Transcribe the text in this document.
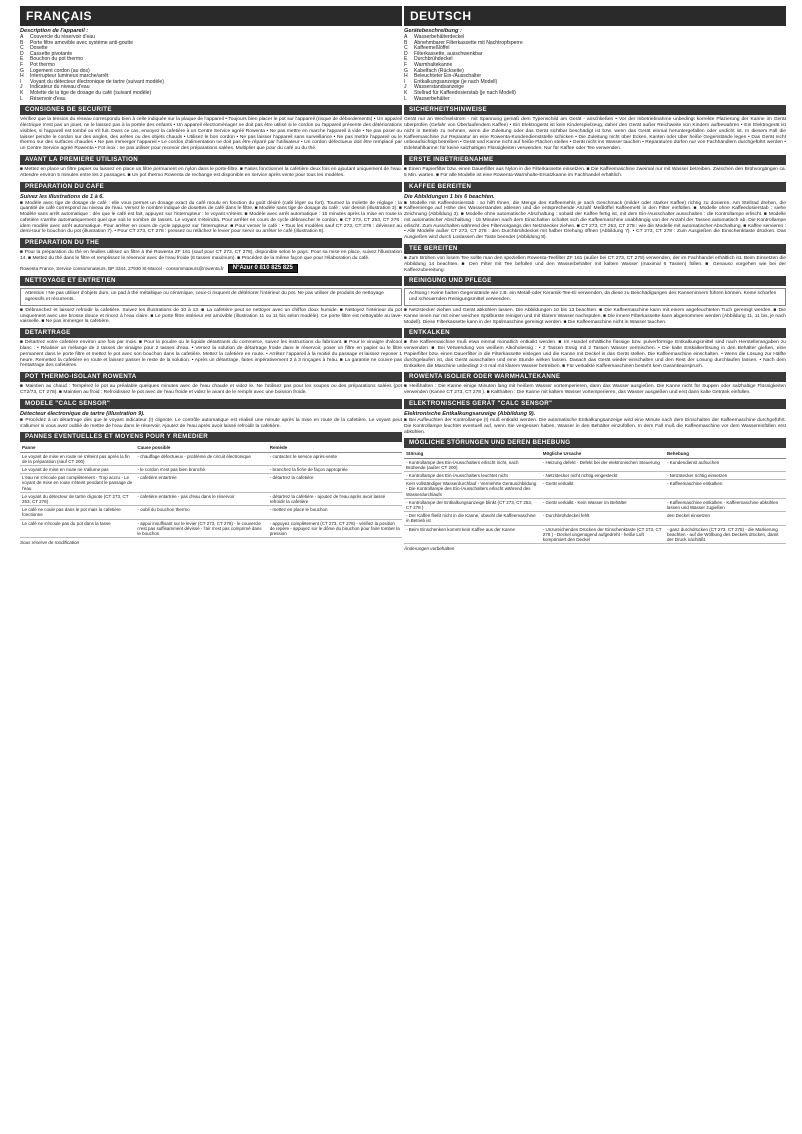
FRANÇAIS
Description de l'appareil :
A	Couvercle du réservoir d'eau
B	Porte filtre amovible avec système anti-goutte
C	Dosette
D	Cassette pivotante
E	Bouchon du pot thermo
F	Pot thermo
G	Logement cordon (au dos)
H	Interrupteur lumineux marche/arrêt
I	Voyant du détecteur électronique de tartre (suivant modèle)
J	Indicateur du niveau d'eau
K	Molette de la tige de dosage du café (suivant modèle)
L	Réservoir d'eau
CONSIGNES DE SECURITE

Vérifiez que la tension du réseau correspondu bien à celle indiquée sur la plaque de l'appareil • Toujours bien placer le pot sur l'appareil (risque de débordements) • Un appareil électrique n'est pas un jouet, ne le laissez pas à la portée des enfants • Un appareil électroménager ne doit pas être utilisé si le cordon ou l'appareil présente des détériorations visibles, si l'appareil est tombé ou s'il fuit. Dans ce cas, envoyez la cafetière à un Centre Service agréé Rowenta • Ne pas mettre en marche l'appareil à vide • Ne pas poser ou laisser pendre le cordon sur des angles, des arêtes ou des objets chauds • Utilisez le bon cordon • Ne pas laisser l'appareil sans surveillance • Ne pas mettre l'appareil ou le thermo sur des surfaces chaudes • Ne pas immerger l'appareil • Le cordon d'alimentation ne doit pas être réparé par l'utilisateur • Un cordon défectueux doit être remplacé par un Centre Service agréé Rowenta • Fot inox : ne pas utiliser pour recevoir des préparations salées. Multiplier que pour du café ou du thé.

AVANT LA PREMIERE UTILISATION

■ Mettez en place un filtre papier ou laissez en place un filtre permanent en nylon dans le porte-filtre. ■ Faites fonctionner la cafetière deux fois en ajoutant uniquement de l'eau. Attendre environ 5 minutes entre les 2 passages. ■ Un pot thermo Rowenta de rechange est disponible en service après vente pour tous les modèles.

PREPARATION DU CAFE
Suivez les illustrations de 1 à 6.

■ Modèle avec tige de dosage de café : elle vous permet un dosage exact du café moulu en fonction du goût désiré (café léger ou fort). Tournez la molette de réglage : la quantité de café correspond au niveau de l'eau. Versez le nombre indiqué de dosettes de café dans le filtre. ■ Modèle sans tige de dosage du café : voir dessin (illustration 3). ■ Modèle sans arrêt automatique : dès que le café est fait, appuyez sur l'interrupteur : le voyant s'éteint. ■ Modèle avec arrêt automatique : 15 minutes après la mise en route la cafetière s'arrête automatiquement quel que soit le nombre de tasses. Le voyant s'éteindra. Pour arrêter en cours de cycle débrancher le cordon. ■ CT 273, CT 253, CT 278 : idem modèle avec arrêt automatique. Pour arrêter en cours de cycle appuyez sur l'interrupteur. ■ Pour verser le café : • Tous les modèles sauf CT 273, CT 278 : dévissez au demi-tour le bouchon du pot (illustration 7). • Pour CT 273, CT 278 : pressez ou relâchez le levier pour servir ou arrêter le café (illustration 8).

PREPARATION DU THE

■ Pour la préparation du thé en feuilles utilisez un filtre à thé Rowenta ZF 161 (sauf pour CT 273, CT 278), disponible selon le pays. Pour sa mise en place, suivez l'illustration 14. ■ Mettez du thé dans le filtre et remplissez le réservoir avec de l'eau froide (6 tasses maximum). ■ Procédez de la même façon que pour l'élaboration du café.

Rowenta France, Service consommateurs, BP 3344, 27930 St-Marcel - consommateurs@rowenta.fr	N°Azur 0 810 825 825
NETTOYAGE ET ENTRETIEN
Attention ! Ne pas utiliser d'objets durs, un pad à thé métallique ou céramique, ceux-ci risquent de détériorer l'intérieur du pot. Ne pas utiliser de produits de nettoyage agressifs et récurrents.

■ Débranchez et laissez refroidir la cafetière. Suivez les illustrations de 10 à 13. ■ La cafetière peut se nettoyer avec un chiffon doux humide. ■ Nettoyez l'intérieur du pot uniquement avec une brosse douce et rincez à l'eau claire. ■ Le porte filtre intérieur est amovible (illustration 11 ou 11 bis selon modèle). Ce porte filtre est nettoyable au lave-vaisselle. ■ Ne pas immerger la cafetière.

DETARTRAGE

■ Détartrez votre cafetière environ une fois par mois. ■ Pour la poudre ou le liquide détartrants du commerce, suivez les instructions du fabricant. ■ Pour le vinaigre d'alcool blanc : • Réaliser un mélange de 2 tasses de vinaigre pour 2 tasses d'eau. • Versez la solution de détartrage froide dans le réservoir, poser un filtre en papier ou le filtre permanent dans le porte filtre et mettez le pot avec son bouchon dans la cafetière. Mettez la cafetière en route. • Arrêtez l'appareil à la moitié du passage et laissez reposer 1 heure. Remettez la cafetière en route et laissez passer le reste de la solution. • Après un détartrage, faites impérativement 2 à 3 rinçages à l'eau. ■ La garantie ne couvre pas l'entartrage des cafetières.

POT THERMO-ISOLANT ROWENTA

■ Maintien au chaud : Tempérez le pot au préalable quelques minutes avec de l'eau chaude et videz le. Ne l'utilisez pas pour les soupes ou des préparations salées (pot CT2/73, CT 278). ■ Maintien au froid : Refroidissez le pot avec de l'eau froide et videz le avant de le remplir avec une boisson froide.

MODELE "CALC SENSOR"
Détecteur électronique de tartre (illustration 9).

■ Procédez à un détartrage dès que le voyant indicateur (I) clignote. Le contrôle automatique est réalisé une minute après la mise en route de la cafetière. Le voyant peut s'allumer si vous avez oublié de mettre de l'eau dans le réservoir. Ajoutez de l'eau après avoir laissé refroidir la cafetière.

PANNES EVENTUELLES ET MOYENS POUR Y REMEDIER
Panne	Cause possible	Remède
Le voyant de mise en route ne s'éteint pas après la fin de la préparation (sauf CT 200)	- chauffage défectueux - problème de circuit électronique	- contactez le service après-vente
Le voyant de mise en route ne s'allume pas	- le cordon n'est pas bien branché	- branchez la fiche de façon appropriée
L'eau ne s'écoule pas complètement - Trop accru - Le voyant de mise en route s'éteint pendant le passage de l'eau	- cafetière entartrée	- détartrez la cafetière
Le voyant du détecteur de tartre clignote (CT 273, CT 253, CT 278)	- cafetière entartrée - pas d'eau dans le réservoir	- détartrez la cafetière - ajoutez de l'eau après avoir laissé refroidir la cafetière
Le café ne coule pas dans le pot mais la cafetière fonctionne	- oubli du bouchon thermo	- mettez en place le bouchon
Le café ne s'écoule pas du pot dans la tasse	- appui insuffisant sur le levier (CT 273, CT 278) - le couvercle n'est pas suffisamment dévissé - l'air n'est pas comprimé dans le bouchon	- appuyez complètement (CT 273, CT 278) - vérifiez la position de repère - appuyez sur le dôme du bouchon pour faire tomber la pression
Sous réserve de modification
DEUTSCH
Gerätebeschreibung :
A	Wasserbehälterdeckel
B	Abnehmbarer Filterkassette mit Nachtropfsperre
C	Kaffeemeßlöffel
D	Filterkassette, ausschwenkbar
E	Durchbrühdeckel
F	Warmhaltekanne
G	Kabelfach (Rückseite)
H	Beleuchteter Ein-/Ausschalter
I	Entkalkungsanzeige (je nach Modell)
J	Wasserstandsanzeige
K	Stellrad für Kaffeedosierstab (je nach Modell)
L	Wasserbehälter
SICHERHEITSHINWEISE

Gerät nur an Wechselstrom - mit Spannung gemäß dem Typenschild am Gerät - anschließen • Vor der Inbetriebnahme unbedingt korrekte Plazierung der Kanne im Gerät überprüfen (Gefahr von Überlaufendem Kaffee) • Ein Elektrogerät ist kein Kinderspielzeug, daher den Gerät außer Reichweite von Kindern aufbewahren • Ein Elektrogerät ist nicht in Betrieb zu nehmen, wenn die Zuleitung oder das Gerät sichtbar beschädigt ist bzw. wenn das Gerät einmal heruntergefallen oder undicht ist. In diesem Fall die Kaffeemaschine zur Reparatur an eine Rowenta-Kundendienststelle schicken • Die Zuleitung nicht über Ecken, Kanten oder über heiße Gegenstände legen • Das Gerät nicht unbeaufsichtigt betreiben • Gerät und Kanne nicht auf heiße Flächen stellen • Gerät nicht ins Wasser tauchen • Reparaturen dürfen nur von Fachhändlern durchgeführt werden • Edelstahlkanne: für keine salzhaltigen Flüssigkeiten verwenden. Nur für Kaffee oder Tee verwenden.

ERSTE INBETRIEBNAHME

■ Einen Papierfilter bzw. einen Dauerfilter aus Nylon in die Filterkassette einsetzen. ■ Die Kaffeemaschine zweimal nur mit Wasser betreiben. Zwischen den Brühvorgängen ca. 5 Min. warten. ■ Für alle Modelle ist eine Rowenta-Warmhalte-Ersatzkanne im Fachhandel erhältlich.

KAFFEE BEREITEN
Die Abbildungen 1 bis 6 beachten.

■ Modelle mit Kaffeedosierstab : so hilft Ihnen, die Menge des Kaffeemehls je nach Geschmack (milder oder starker Kaffee) richtig zu dosieren. Am Stellrad drehen, die Kaffeemenge auf Höhe des Wasserstandes ablesen und die entsprechende Anzahl Meßlöffel Kaffeemehl in den Filter einfüllen. ■ Modelle ohne Kaffeedosierstab : siehe Zeichnung (Abbildung 3). ■ Modelle ohne automatische Abschaltung : sobald der Kaffee fertig ist, mit dem Ein-/Ausschalter ausschalten : die Kontrollampe erlischt. ■ Modelle mit automatischer Abschaltung : 15 Minuten nach dem Einschalten schaltet sich die Kaffeemaschine unabhängig von der Anzahl der Tassen automatisch ab. Die Kontrollampe erlischt. Zum Ausschalten während des Filtervorgangs den Netzstecker ziehen. ■ CT 273, CT 253, CT 278 : wie die Modelle mit automatischer Abschaltung. ■ Kaffee servieren : • Alle Modelle außer CT 273, CT 278 : den Durchbrühdeckel mit halber Drehung öffnen (Abbildung 7). • CT 273, CT 278 : Zum Ausgießen die Einschenktaste drücken. Das Ausgießen wird durch Loslassen der Taste beendet (Abbildung 8).

TEE BEREITEN

■ Zum Brühen von losem Tee sollte man den speziellen Rowenta-Teefilter ZF 161 (außer bei CT 273, CT 278) verwenden, der im Fachhandel erhältlich ist. Beim Einsetzen die Abbildung 14 beachten. ■ Den Filter mit Tee befüllen und den Wasserbehälter mit kaltem Wasser (maximal 6 Tassen) füllen. ■ Genauso vorgehen wie bei der Kaffeezubereitung.

REINIGUNG UND PFLEGE
Achtung ! Keine harten Gegenstände wie z.B. ein Metall-oder Keramik-Tee-Ei verwenden, da diese zu Beschädigungen des Kanneninnern führen können. Keine scharfen und scheuernden Reinigungsmittel verwenden.

■ Netzstecker ziehen und Gerät abkühlen lassen. Die Abbildungen 10 bis 13 beachten. ■ Die Kaffeemaschine kann mit einem angefeuchteten Tuch gereinigt werden. ■ Die Kanne innen nur mit einer weichen Spülbürste reinigen und mit klarem Wasser nachspülen. ■ Die innere Filterkassette kann abgenommen werden (Abbildung 11, 11 bis, je nach Modell). Diese Filterkassette kann in der Spülmaschine gereinigt werden. ■ Die Kaffeemaschine nicht in Wasser tauchen.

ENTKALKEN

■ Ihre Kaffeemaschine muß etwa einmal monatlich entkalkt werden. ■ Im Handel erhältliche flüssige bzw. pulverförmige Entkalkungsmittel sind nach Herstellerangaben zu verwenden. ■ Bei Verwendung von weißem Alkoholessig : • 2 Tassen Essig mit 2 Tassen Wasser vermischen. • Die kalte Entkalkerlösung in den Behälter gießen, eine Papierfilter bzw. einen Dauerfilter in die Filterkassette einlegen und die Kanne mit Deckel in das Gerät stellen. Die Kaffeemaschine einschalten. • Wenn die Lösung zur Hälfte durchgelaufen ist, das Gerät ausschalten und eine Stunde wirken lassen. Danach das Gerät wieder einschalten und den Rest der Lösung durchlaufen lassen. • Nach dem Entkalken die Maschine unbedingt 2-3 mal mit klarem Wasser betreiben. ■ Für verkalkte Kaffeemaschinen besteht kein Garantieanspruch.

ROWENTA ISOLIER ODER WARMHALTEKANNE

■ Heißhalten : Die Kanne einige Minuten lang mit heißem Wasser vortemperieren, dann das Wasser ausgießen. Die Kanne nicht für Suppen oder salzhaltige Flüssigkeiten verwenden (Kanne CT 273, CT 278 ). ■ Kalthalten : Die Kanne mit kaltem Wasser vortemperieren, das Wasser ausgießen und erst dann kalte Getränk einfüllen.

ELEKTRONISCHES GERÄT "CALC SENSOR"
Elektronische Entkalkungsanzeige (Abbildung 9).

■ Bei Aufleuchten der Kontrollampe (I) muß entkalkt werden. Die automatische Entkalkungsanzeige wird eine Minute nach dem Einschalten der Kaffeemaschine durchgeführt. Die Kontrollampe leuchtet eventuell auf, wenn Sie vergessen haben, Wasser in den Behälter einzufüllen. In dem Fall muß die Kaffeemaschine vor dem Wassereinfüllen erst abkühlen.

MÖGLICHE STÖRUNGEN UND DEREN BEHEBUNG
Störung	Mögliche Ursache	Behebung
- Kontrollampe des Ein-/Ausschalters erlischt nicht, nach Brühende (außer CT 200)	- Heizung defekt - Defekt bei der elektronischen Steuerung	- Kundendienst aufsuchen
- Kontrollampe des Ein-/Ausschalters leuchtet nicht	- Netzstecker nicht richtig eingesteckt	- Netzstecker richtig einsetzen
Kein vollständiger Wasserdurchlauf - Vermehrte Geräuschbildung - Die Kontrollampe des Ein-/Ausschalters erlischt während des Wasserdurchlaufs	- Gerät verkalkt	- Kaffeemaschine entkalken
- Kontrollampe der Entkalkungsanzeige blinkt (CT 273, CT 253, CT 278 )	- Gerät verkalkt - Kein Wasser im Behälter	- Kaffeemaschine entkalken - Kaffeemaschine abkühlen lassen und Wasser zugießen
- Der Kaffee fließt nicht in die Kanne, obwohl die Kaffeemaschine in Betrieb ist	- Durchbrühdeckel fehlt	den Deckel einsetzen
- Beim Einschenken kommt kein Kaffee aus der Kanne	- Unzureichendes Drücken der Einschenktaste (CT 273, CT 278 ) - Deckel ungenügend aufgedreht - heiße Luft komprimiert den Deckel	- ganz durchdrücken (CT 273, CT 278) - die Markierung beachten - auf die Wölbung des Deckels drücken, damit der Druck nachläßt.
Änderungen vorbehalten
